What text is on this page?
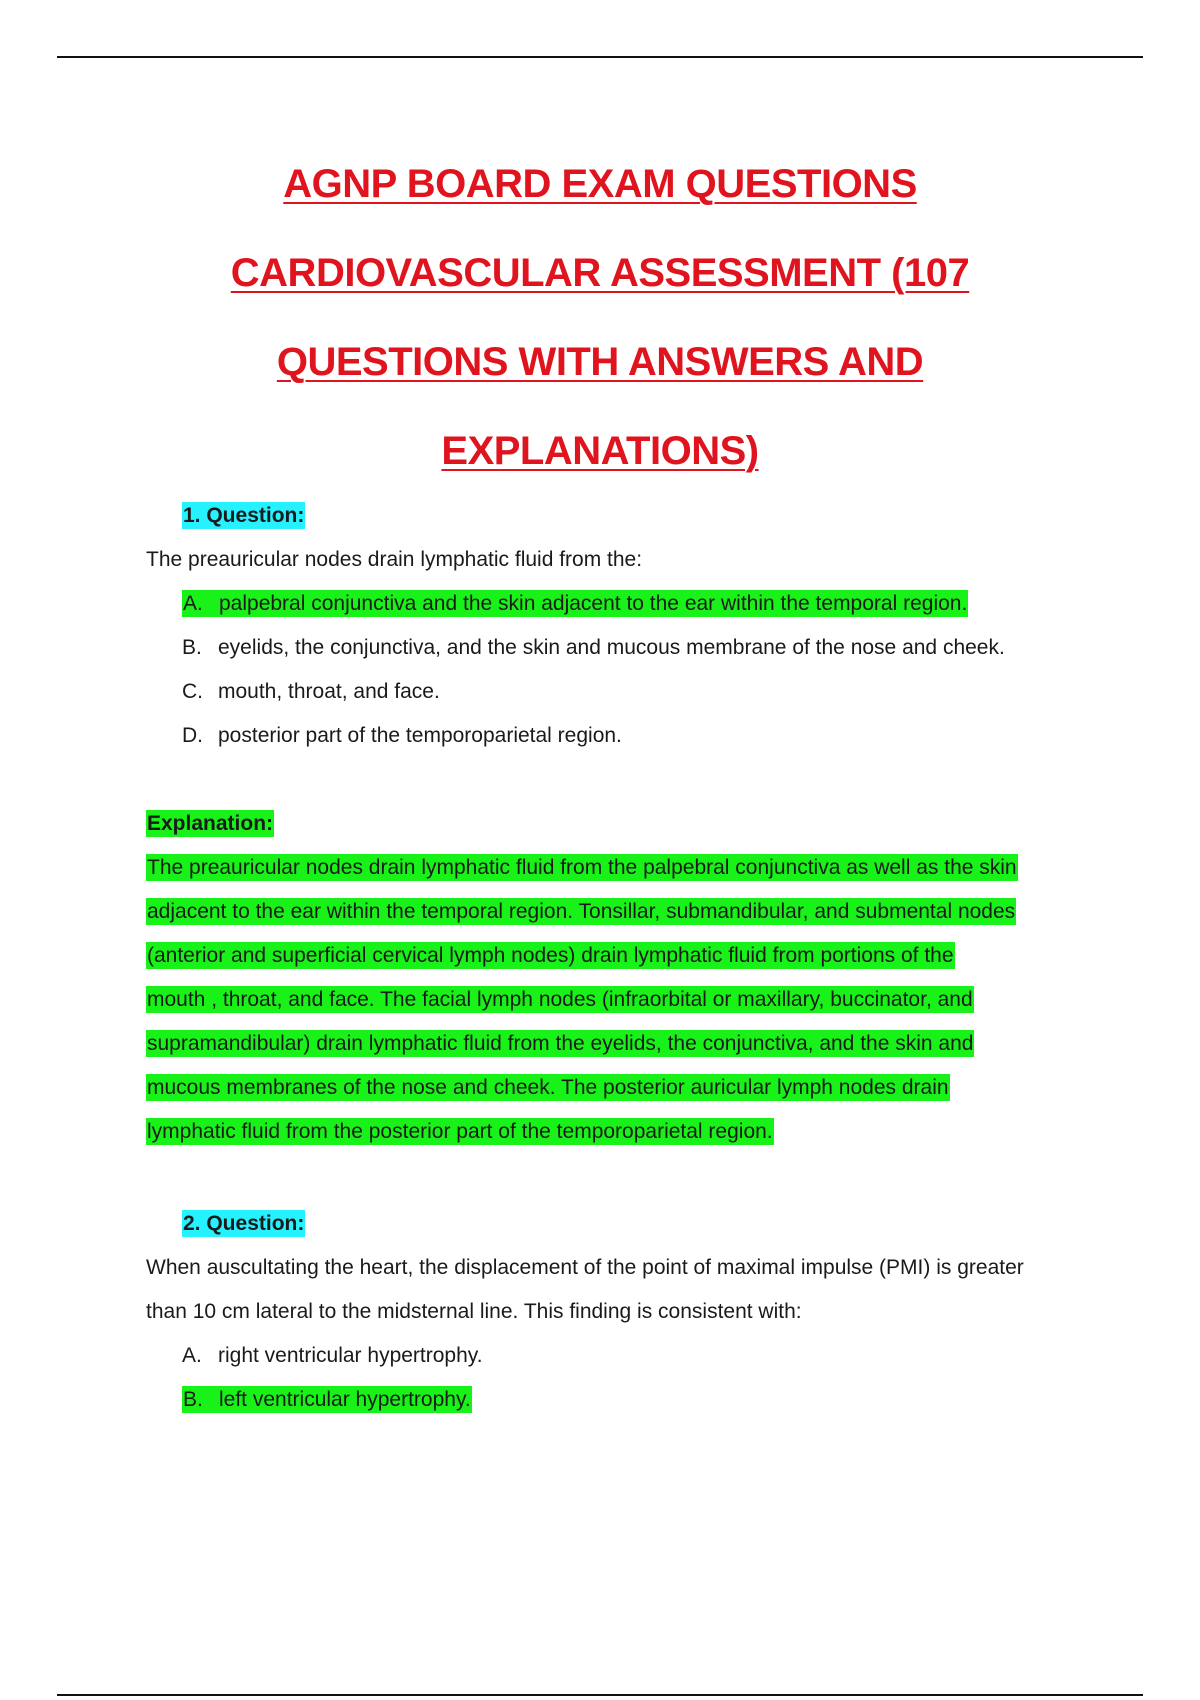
AGNP BOARD EXAM QUESTIONS
CARDIOVASCULAR ASSESSMENT (107
QUESTIONS WITH ANSWERS AND
EXPLANATIONS)
1. Question:
The preauricular nodes drain lymphatic fluid from the:
A. palpebral conjunctiva and the skin adjacent to the ear within the temporal region.
B. eyelids, the conjunctiva, and the skin and mucous membrane of the nose and cheek.
C. mouth, throat, and face.
D. posterior part of the temporoparietal region.
Explanation:
The preauricular nodes drain lymphatic fluid from the palpebral conjunctiva as well as the skin
adjacent to the ear within the temporal region. Tonsillar, submandibular, and submental nodes
(anterior and superficial cervical lymph nodes) drain lymphatic fluid from portions of the
mouth , throat, and face. The facial lymph nodes (infraorbital or maxillary, buccinator, and
supramandibular) drain lymphatic fluid from the eyelids, the conjunctiva, and the skin and
mucous membranes of the nose and cheek. The posterior auricular lymph nodes drain
lymphatic fluid from the posterior part of the temporoparietal region.
2. Question:
When auscultating the heart, the displacement of the point of maximal impulse (PMI) is greater
than 10 cm lateral to the midsternal line. This finding is consistent with:
A. right ventricular hypertrophy.
B. left ventricular hypertrophy.
